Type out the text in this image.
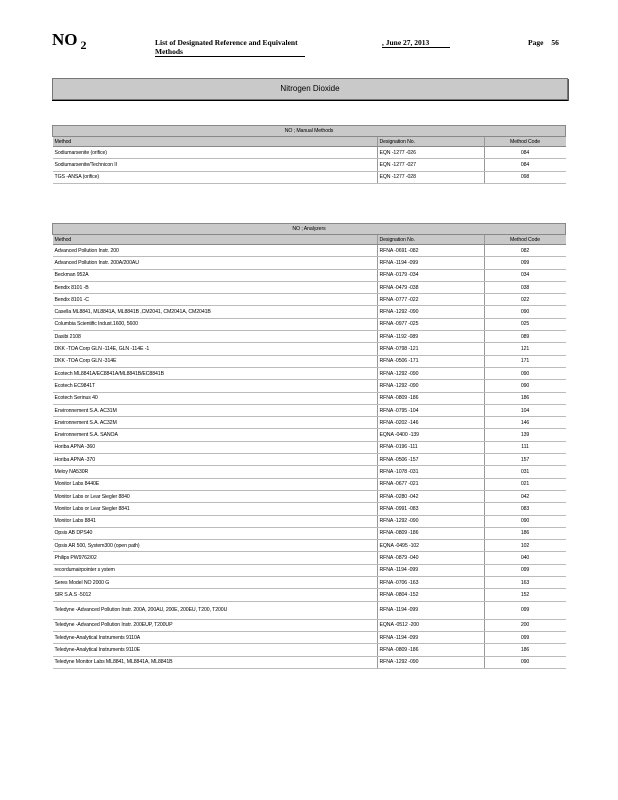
NO $_2$	List of Designated Reference and Equivalent Methods
, June 27, 2013	Page 56
Nitrogen Dioxide
NO ; Manual Methods		
Method	Designation No.	Method Code
Sodiumarsenite (orifice)	EQN -1277 -026	084
Sodiumarsenite/Technicon II	EQN -1277 -027	084
TGS -ANSA (orifice)	EQN -1277 -028	098
NO ; Analyzers		
Method	Designation No.	Method Code
Advanced Pollution Instr. 200	RFNA -0691 -082	082
Advanced Pollution Instr. 200A/200AU	RFNA -1194 -099	099
Beckman 952A	RFNA -0179 -034	034
Bendix 8101 -B	RFNA -0479 -038	038
Bendix 8101 -C	RFNA -0777 -022	022
Casella ML8841, ML8841A, ML8841B ,CM2041, CM2041A, CM2041B	RFNA -1292 -090	090
Columbia Scientific Indust.1600, 5600	RFNA -0977 -025	025
Dasibi 2108	RFNA -1192 -089	089
DKK -TOA Corp GLN -114E, GLN -114E -1	RFNA -0798 -121	121
DKK -TOA Corp GLN -314E	RFNA -0506 -171	171
Ecotech ML8841A/EC8841A/ML8841B/EC8841B	RFNA -1292 -090	090
Ecotech EC9841T	RFNA -1292 -090	090
Ecotech Serinus 40	RFNA -0809 -186	186
Environnement S.A. AC31M	RFNA -0795 -104	104
Environnement S.A. AC32M	RFNA -0202 -146	146
Environnement S.A. SANOA	EQNA -0400 -139	139
Horiba APNA -360	RFNA -0196 -111	111
Horiba APNA -370	RFNA -0506 -157	157
Meloy NA530R	RFNA -1078 -031	031
Monitor Labs 8440E	RFNA -0677 -021	021
Monitor Labs or Lear Siegler 8840	RFNA -0280 -042	042
Monitor Labs or Lear Siegler 8841	RFNA -0991 -083	083
Monitor Labs 8841	RFNA -1292 -090	090
Opsis AB DPS40	RFNA -0809 -186	186
Opsis AR 500, System300 (open path)	EQNA -0495 -102	102
Philips PW9762/02	RFNA -0879 -040	040
recordumairpointer s ystem	RFNA -1194 -099	099
Seres Model NO 2000 G	RFNA -0706 -163	163
SIR S.A.S -5012	RFNA -0804 -152	152
Teledyne -Advanced Pollution Instr. 200A, 200AU, 200E, 200EU, T200, T200U	RFNA -1194 -099	099
Teledyne -Advanced Pollution Instr. 200EUP, T200UP	EQNA -0512 -200	200
Teledyne-Analytical Instruments 9110A	RFNA -1194 -099	099
Teledyne-Analytical Instruments 9110E	RFNA -0809 -186	186
Teledyne Monitor Labs ML8841, ML8841A, ML8841B	RFNA -1292 -090	090
